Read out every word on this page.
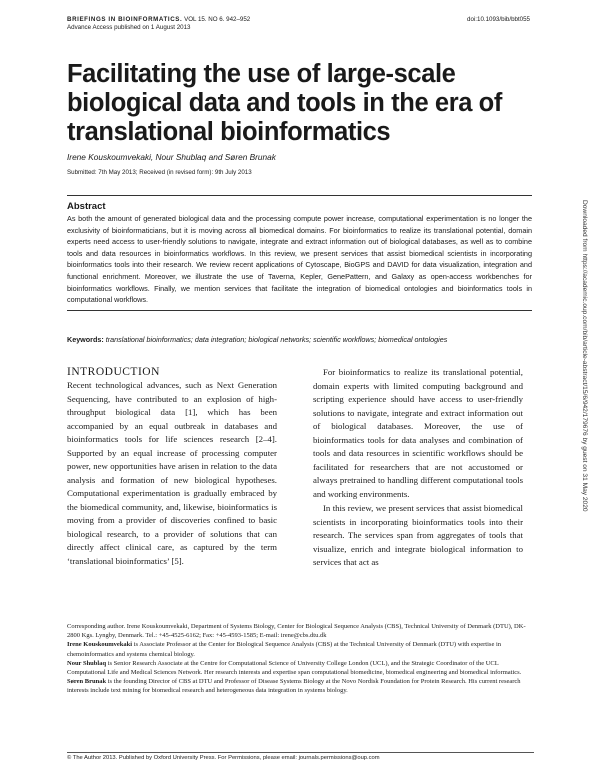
BRIEFINGS IN BIOINFORMATICS. VOL 15. NO 6. 942–952
Advance Access published on 1 August 2013
doi:10.1093/bib/bbt055
Facilitating the use of large-scale biological data and tools in the era of translational bioinformatics
Irene Kouskoumvekaki, Nour Shublaq and Søren Brunak
Submitted: 7th May 2013; Received (in revised form): 9th July 2013
Abstract

As both the amount of generated biological data and the processing compute power increase, computational experimentation is no longer the exclusivity of bioinformaticians, but it is moving across all biomedical domains. For bioinformatics to realize its translational potential, domain experts need access to user-friendly solutions to navigate, integrate and extract information out of biological databases, as well as to combine tools and data resources in bioinformatics workflows. In this review, we present services that assist biomedical scientists in incorporating bioinformatics tools into their research. We review recent applications of Cytoscape, BioGPS and DAVID for data visualization, integration and functional enrichment. Moreover, we illustrate the use of Taverna, Kepler, GenePattern, and Galaxy as open-access workbenches for bioinformatics workflows. Finally, we mention services that facilitate the integration of biomedical ontologies and bioinformatics tools in computational workflows.

Keywords: translational bioinformatics; data integration; biological networks; scientific workflows; biomedical ontologies
INTRODUCTION

Recent technological advances, such as Next Generation Sequencing, have contributed to an explosion of high-throughput biological data [1], which has been accompanied by an equal outbreak in databases and bioinformatics tools for life sciences research [2–4]. Supported by an equal increase of processing computer power, new opportunities have arisen in relation to the data analysis and formation of new biological hypotheses. Computational experimentation is gradually embraced by the biomedical community, and, likewise, bioinformatics is moving from a provider of discoveries confined to basic biological research, to a provider of solutions that can directly affect clinical care, as captured by the term ‘translational bioinformatics’ [5].

For bioinformatics to realize its translational potential, domain experts with limited computing background and scripting experience should have access to user-friendly solutions to navigate, integrate and extract information out of biological databases. Moreover, the use of bioinformatics tools for data analyses and combination of tools and data resources in scientific workflows should be facilitated for researchers that are not accustomed or always pretrained to handling different computational tools and working environments.

In this review, we present services that assist biomedical scientists in incorporating bioinformatics tools into their research. The services span from aggregates of tools that visualize, enrich and integrate biological information to services that act as

Downloaded from https://academic.oup.com/bib/article-abstract/15/6/942/179676 by guest on 31 May 2020

Corresponding author. Irene Kouskoumvekaki, Department of Systems Biology, Center for Biological Sequence Analysis (CBS), Technical University of Denmark (DTU), DK-2800 Kgs. Lyngby, Denmark. Tel.: +45-4525-6162; Fax: +45-4593-1585; E-mail: irene@cbs.dtu.dk

Irene Kouskoumvekaki is Associate Professor at the Center for Biological Sequence Analysis (CBS) at the Technical University of Denmark (DTU) with expertise in chemoinformatics and systems chemical biology.

Nour Shublaq is Senior Research Associate at the Centre for Computational Science of University College London (UCL), and the Strategic Coordinator of the UCL Computational Life and Medical Sciences Network. Her research interests and expertise span computational biomedicine, biomedical engineering and biomedical informatics.

Søren Brunak is the founding Director of CBS at DTU and Professor of Disease Systems Biology at the Novo Nordisk Foundation for Protein Research. His current research interests include text mining for biomedical research and heterogeneous data integration in systems biology.

© The Author 2013. Published by Oxford University Press. For Permissions, please email: journals.permissions@oup.com
